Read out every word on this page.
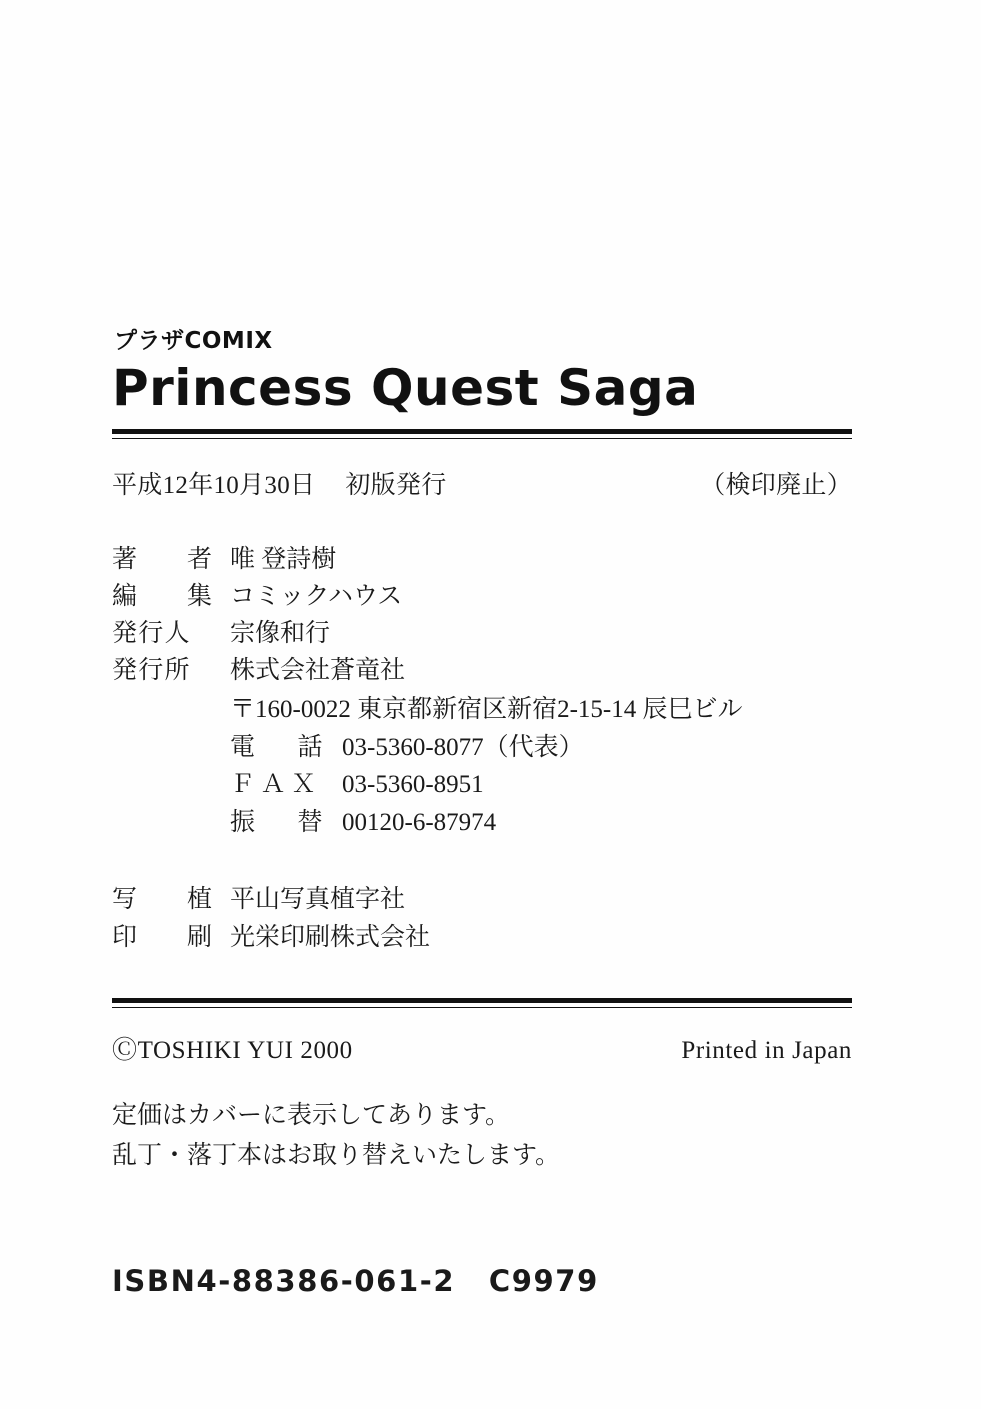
プラザCOMIX
Princess Quest Saga
平成12年10月30日 初版発行	（検印廃止）
著　者 唯 登詩樹
編　集 コミックハウス
発行人	宗像和行
発行所	株式会社蒼竜社
〒160-0022 東京都新宿区新宿2-15-14 辰巳ビル
電　話 03-5360-8077（代表）
ＦＡＸ 03-5360-8951
振　替 00120-6-87974
写　植 平山写真植字社
印　刷 光栄印刷株式会社
ⒸTOSHIKI YUI 2000	Printed in Japan
定価はカバーに表示してあります。
乱丁・落丁本はお取り替えいたします。
ISBN4-88386-061-2 C9979
